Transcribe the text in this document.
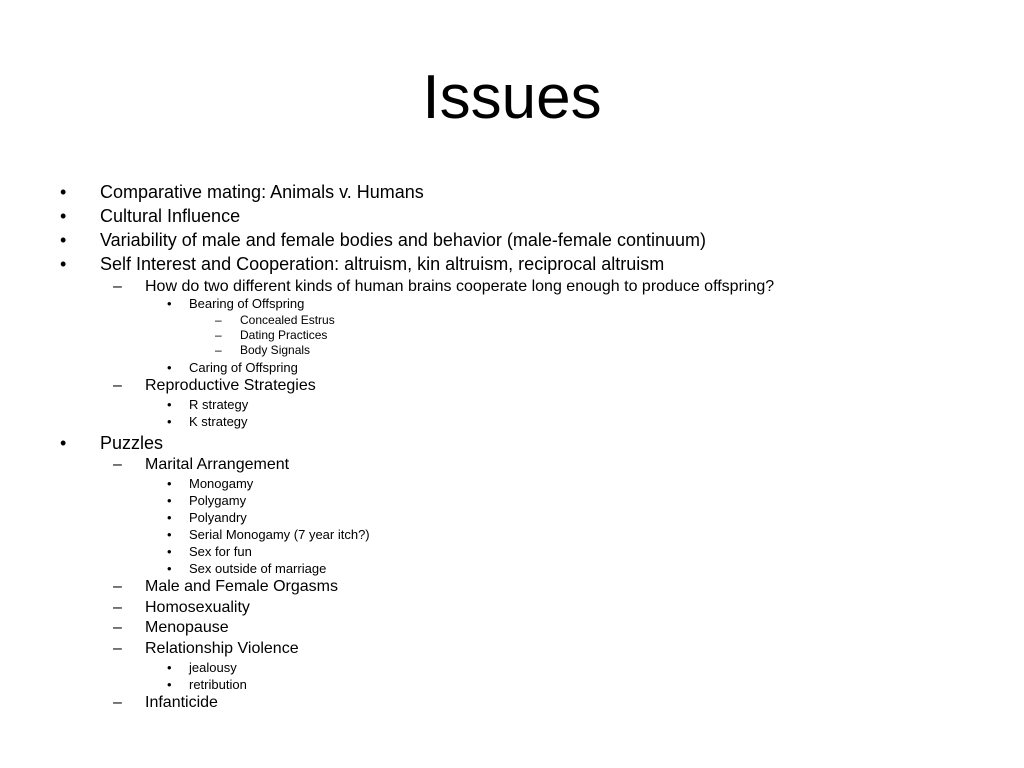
Issues
• Comparative mating: Animals v. Humans
• Cultural Influence
• Variability of male and female bodies and behavior (male-female continuum)
• Self Interest and Cooperation: altruism, kin altruism, reciprocal altruism
– How do two different kinds of human brains cooperate long enough to produce offspring?
• Bearing of Offspring
– Concealed Estrus
– Dating Practices
– Body Signals
• Caring of Offspring
– Reproductive Strategies
• R strategy
• K strategy
• Puzzles
– Marital Arrangement
• Monogamy
• Polygamy
• Polyandry
• Serial Monogamy (7 year itch?)
• Sex for fun
• Sex outside of marriage
– Male and Female Orgasms
– Homosexuality
– Menopause
– Relationship Violence
• jealousy
• retribution
– Infanticide
